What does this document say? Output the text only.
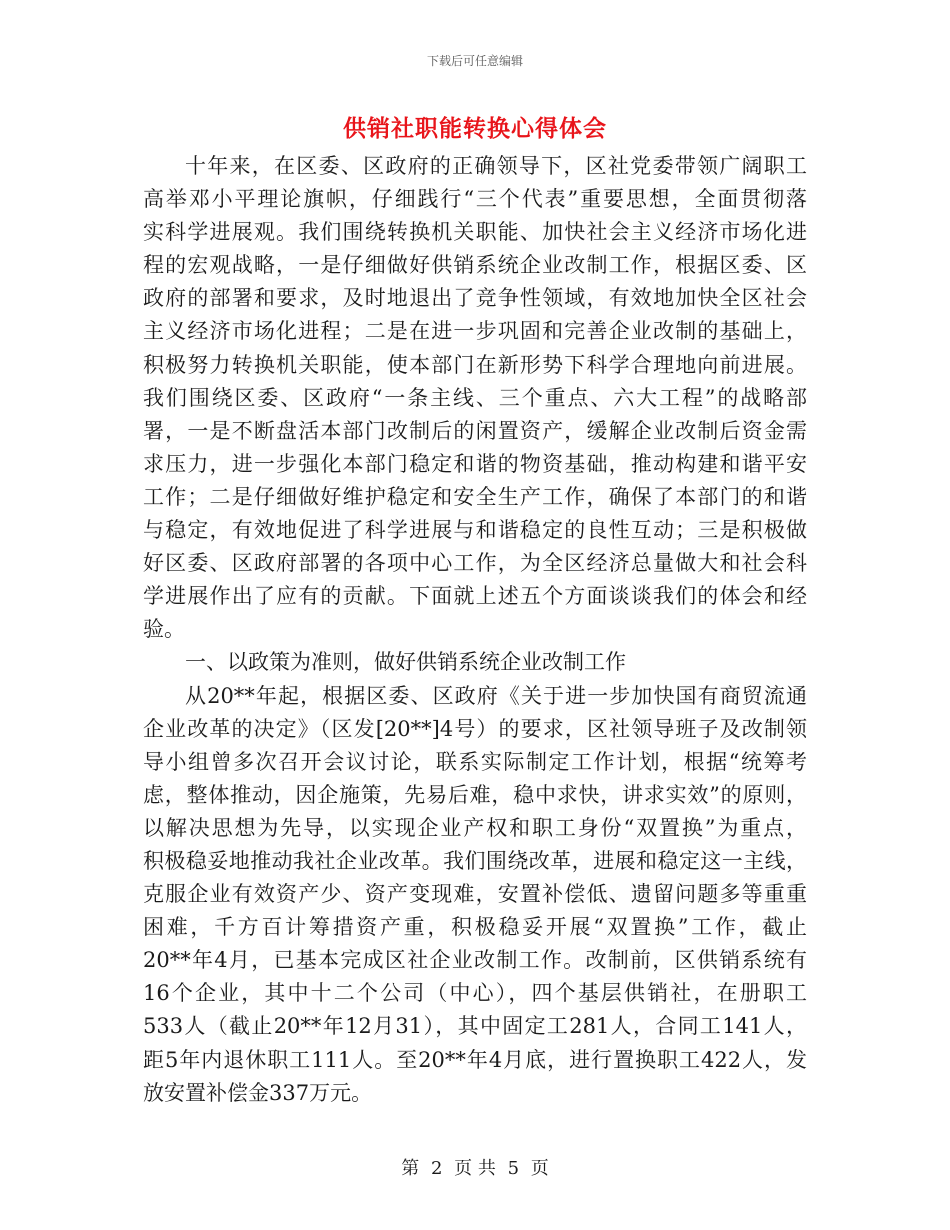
下载后可任意编辑
供销社职能转换心得体会
十年来，在区委、区政府的正确领导下，区社党委带领广阔职工
高举邓小平理论旗帜，仔细践行“三个代表”重要思想，全面贯彻落
实科学进展观。我们围绕转换机关职能、加快社会主义经济市场化进
程的宏观战略，一是仔细做好供销系统企业改制工作，根据区委、区
政府的部署和要求，及时地退出了竞争性领域，有效地加快全区社会
主义经济市场化进程；二是在进一步巩固和完善企业改制的基础上，
积极努力转换机关职能，使本部门在新形势下科学合理地向前进展。
我们围绕区委、区政府“一条主线、三个重点、六大工程”的战略部
署，一是不断盘活本部门改制后的闲置资产，缓解企业改制后资金需
求压力，进一步强化本部门稳定和谐的物资基础，推动构建和谐平安
工作；二是仔细做好维护稳定和安全生产工作，确保了本部门的和谐
与稳定，有效地促进了科学进展与和谐稳定的良性互动；三是积极做
好区委、区政府部署的各项中心工作，为全区经济总量做大和社会科
学进展作出了应有的贡献。下面就上述五个方面谈谈我们的体会和经
验。
一、以政策为准则，做好供销系统企业改制工作
从20**年起，根据区委、区政府《关于进一步加快国有商贸流通
企业改革的决定》（区发[20**]4号）的要求，区社领导班子及改制领
导小组曾多次召开会议讨论，联系实际制定工作计划，根据“统筹考
虑，整体推动，因企施策，先易后难，稳中求快，讲求实效”的原则，
以解决思想为先导，以实现企业产权和职工身份“双置换”为重点，
积极稳妥地推动我社企业改革。我们围绕改革，进展和稳定这一主线，
克服企业有效资产少、资产变现难，安置补偿低、遗留问题多等重重
困难，千方百计筹措资产重，积极稳妥开展“双置换”工作，截止
20**年4月，已基本完成区社企业改制工作。改制前，区供销系统有
16个企业，其中十二个公司（中心），四个基层供销社，在册职工
533人（截止20**年12月31），其中固定工281人，合同工141人，
距5年内退休职工111人。至20**年4月底，进行置换职工422人，发
放安置补偿金337万元。
第 2 页 共 5 页
